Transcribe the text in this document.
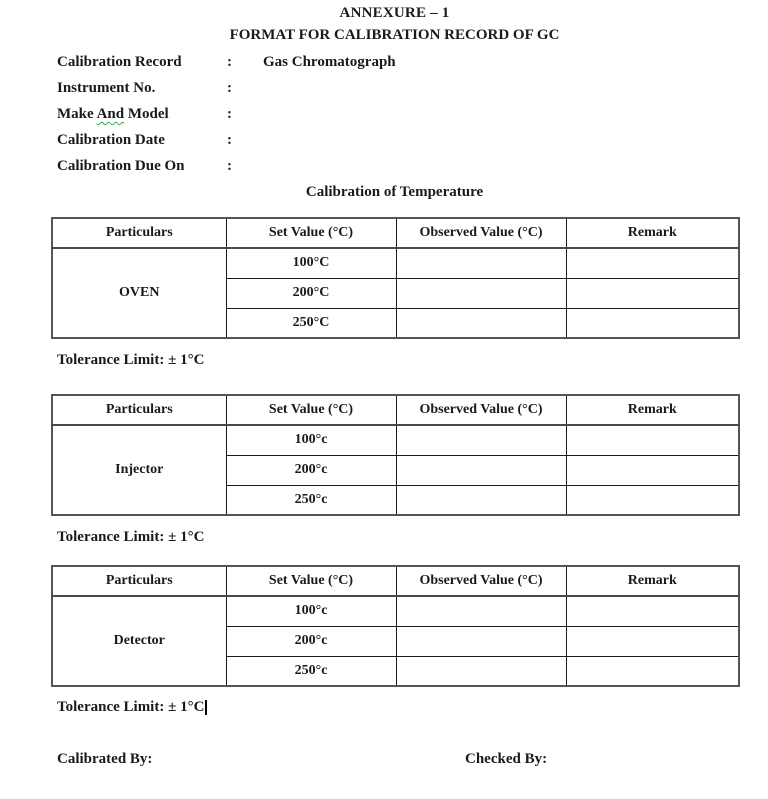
ANNEXURE – 1
FORMAT FOR CALIBRATION RECORD OF GC
Calibration Record	:	Gas Chromatograph
Instrument No.	:
Make And Model	:
Calibration Date	:
Calibration Due On	:
Calibration of Temperature
Particulars	Set Value (°C)	Observed Value (°C)	Remark
OVEN	100°C		
	200°C		
	250°C		
Tolerance Limit: ± 1°C
Particulars	Set Value (°C)	Observed Value (°C)	Remark
Injector	100°c		
	200°c		
	250°c		
Tolerance Limit: ± 1°C
Particulars	Set Value (°C)	Observed Value (°C)	Remark
Detector	100°c		
	200°c		
	250°c		
Tolerance Limit: ± 1°C
Calibrated By:	Checked By:
